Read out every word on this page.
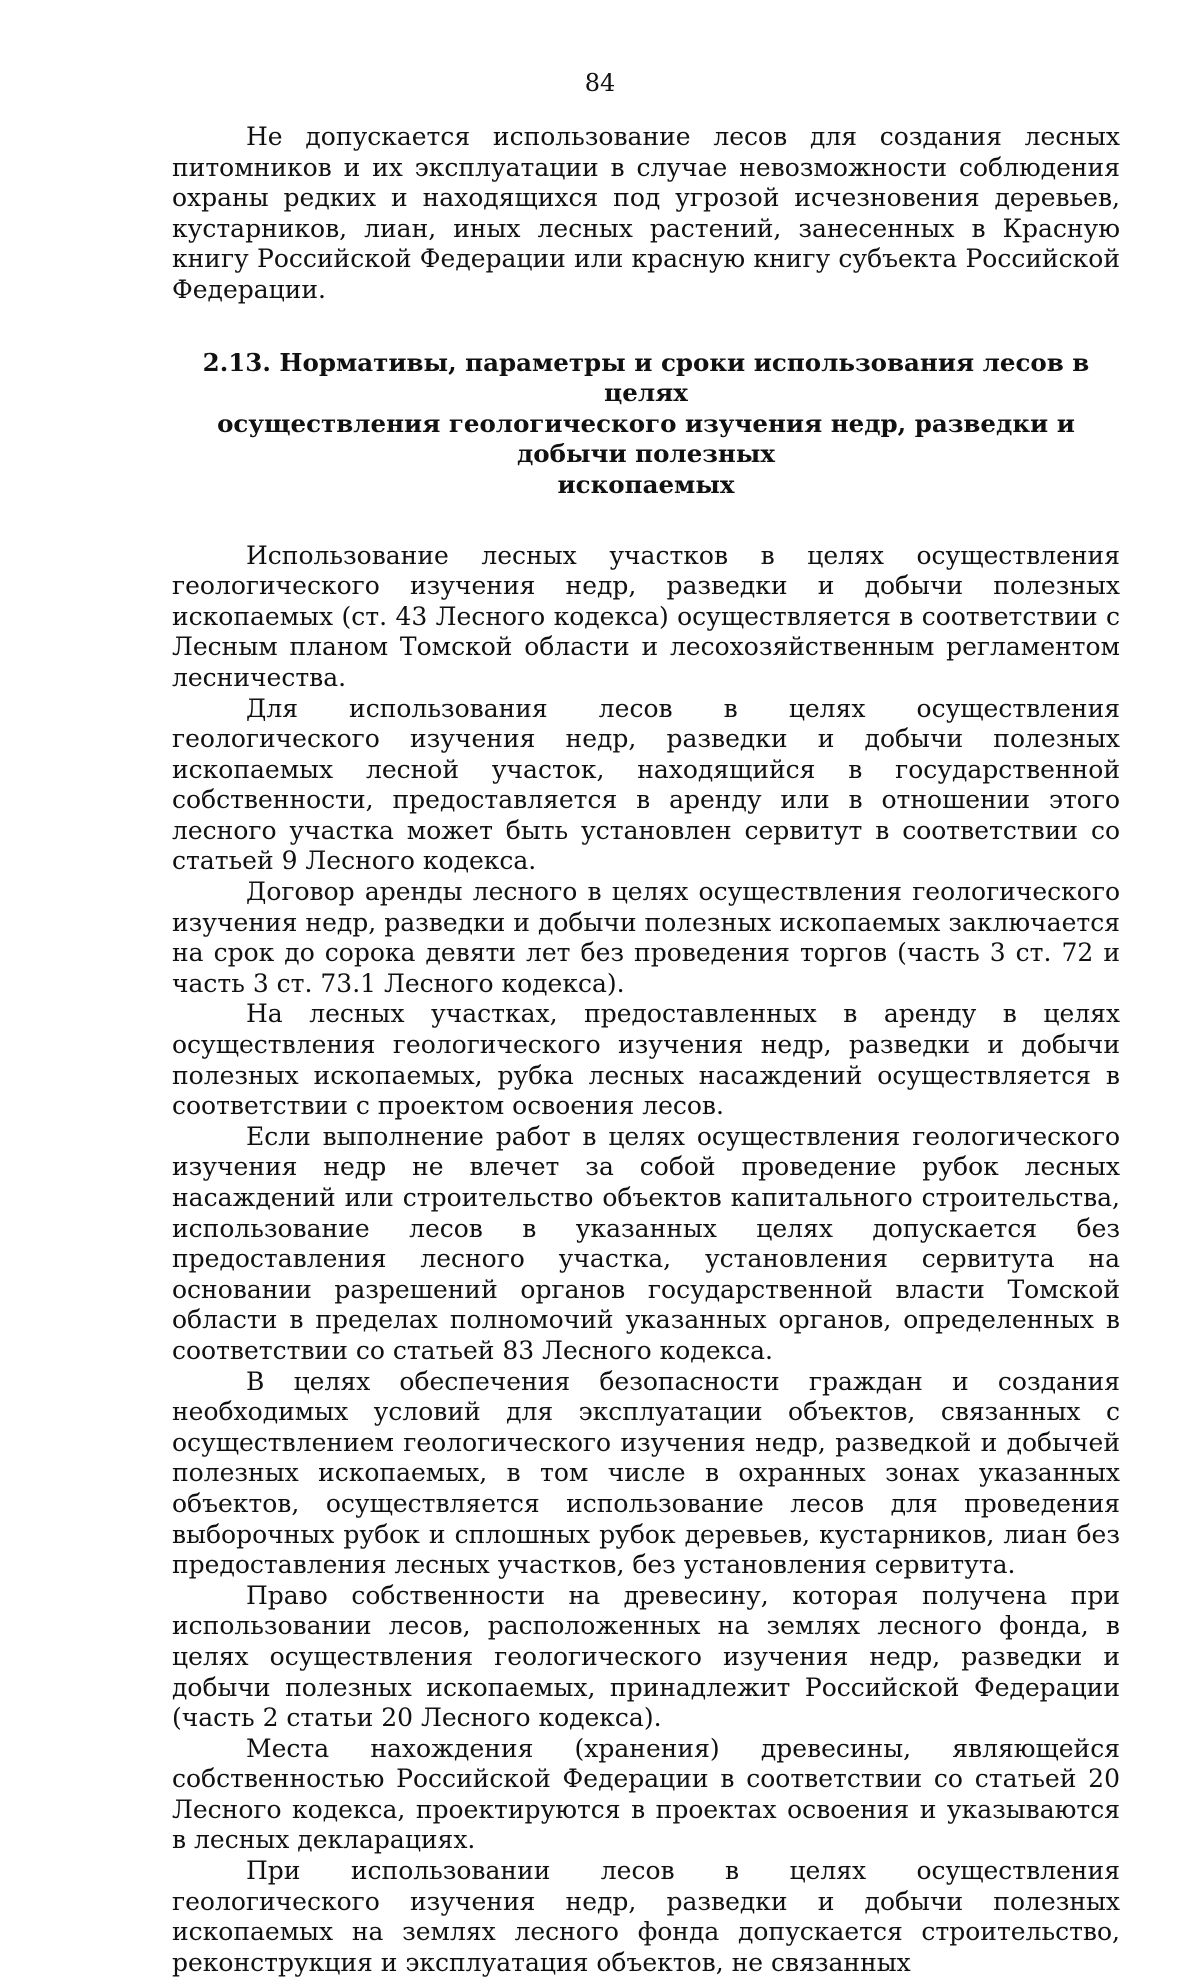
84

Не допускается использование лесов для создания лесных питомников и их эксплуатации в случае невозможности соблюдения охраны редких и находящихся под угрозой исчезновения деревьев, кустарников, лиан, иных лесных растений, занесенных в Красную книгу Российской Федерации или красную книгу субъекта Российской Федерации.

2.13. Нормативы, параметры и сроки использования лесов в целях
осуществления геологического изучения недр, разведки и добычи полезных
ископаемых

Использование лесных участков в целях осуществления геологического изучения недр, разведки и добычи полезных ископаемых (ст. 43 Лесного кодекса) осуществляется в соответствии с Лесным планом Томской области и лесохозяйственным регламентом лесничества.

Для использования лесов в целях осуществления геологического изучения недр, разведки и добычи полезных ископаемых лесной участок, находящийся в государственной собственности, предоставляется в аренду или в отношении этого лесного участка может быть установлен сервитут в соответствии со статьей 9 Лесного кодекса.

Договор аренды лесного в целях осуществления геологического изучения недр, разведки и добычи полезных ископаемых заключается на срок до сорока девяти лет без проведения торгов (часть 3 ст. 72 и часть 3 ст. 73.1 Лесного кодекса).

На лесных участках, предоставленных в аренду в целях осуществления геологического изучения недр, разведки и добычи полезных ископаемых, рубка лесных насаждений осуществляется в соответствии с проектом освоения лесов.

Если выполнение работ в целях осуществления геологического изучения недр не влечет за собой проведение рубок лесных насаждений или строительство объектов капитального строительства, использование лесов в указанных целях допускается без предоставления лесного участка, установления сервитута на основании разрешений органов государственной власти Томской области в пределах полномочий указанных органов, определенных в соответствии со статьей 83 Лесного кодекса.

В целях обеспечения безопасности граждан и создания необходимых условий для эксплуатации объектов, связанных с осуществлением геологического изучения недр, разведкой и добычей полезных ископаемых, в том числе в охранных зонах указанных объектов, осуществляется использование лесов для проведения выборочных рубок и сплошных рубок деревьев, кустарников, лиан без предоставления лесных участков, без установления сервитута.

Право собственности на древесину, которая получена при использовании лесов, расположенных на землях лесного фонда, в целях осуществления геологического изучения недр, разведки и добычи полезных ископаемых, принадлежит Российской Федерации (часть 2 статьи 20 Лесного кодекса).

Места нахождения (хранения) древесины, являющейся собственностью Российской Федерации в соответствии со статьей 20 Лесного кодекса, проектируются в проектах освоения и указываются в лесных декларациях.

При использовании лесов в целях осуществления геологического изучения недр, разведки и добычи полезных ископаемых на землях лесного фонда допускается строительство, реконструкция и эксплуатация объектов, не связанных
